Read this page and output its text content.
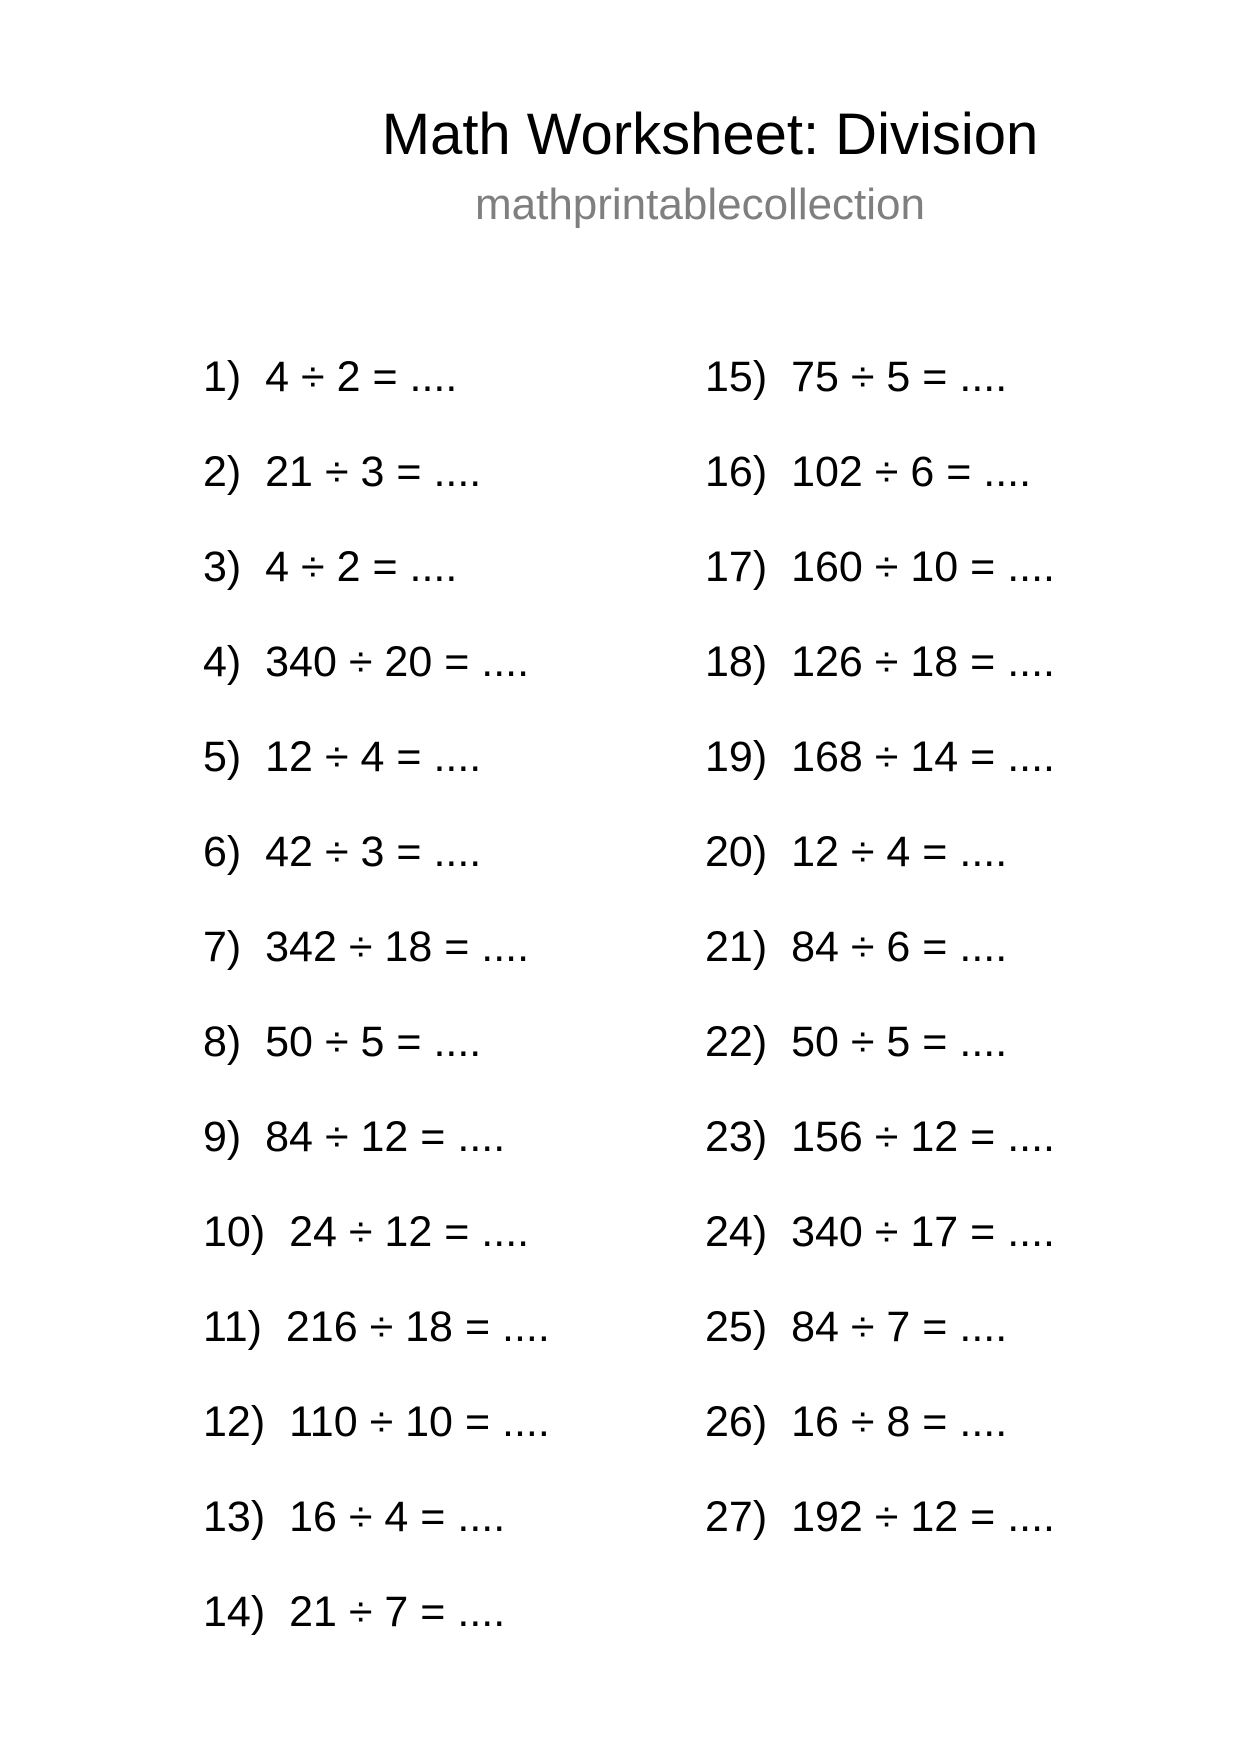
Math Worksheet: Division
mathprintablecollection
1) 4 ÷ 2 = ....
2) 21 ÷ 3 = ....
3) 4 ÷ 2 = ....
4) 340 ÷ 20 = ....
5) 12 ÷ 4 = ....
6) 42 ÷ 3 = ....
7) 342 ÷ 18 = ....
8) 50 ÷ 5 = ....
9) 84 ÷ 12 = ....
10) 24 ÷ 12 = ....
11) 216 ÷ 18 = ....
12) 110 ÷ 10 = ....
13) 16 ÷ 4 = ....
14) 21 ÷ 7 = ....
15) 75 ÷ 5 = ....
16) 102 ÷ 6 = ....
17) 160 ÷ 10 = ....
18) 126 ÷ 18 = ....
19) 168 ÷ 14 = ....
20) 12 ÷ 4 = ....
21) 84 ÷ 6 = ....
22) 50 ÷ 5 = ....
23) 156 ÷ 12 = ....
24) 340 ÷ 17 = ....
25) 84 ÷ 7 = ....
26) 16 ÷ 8 = ....
27) 192 ÷ 12 = ....
